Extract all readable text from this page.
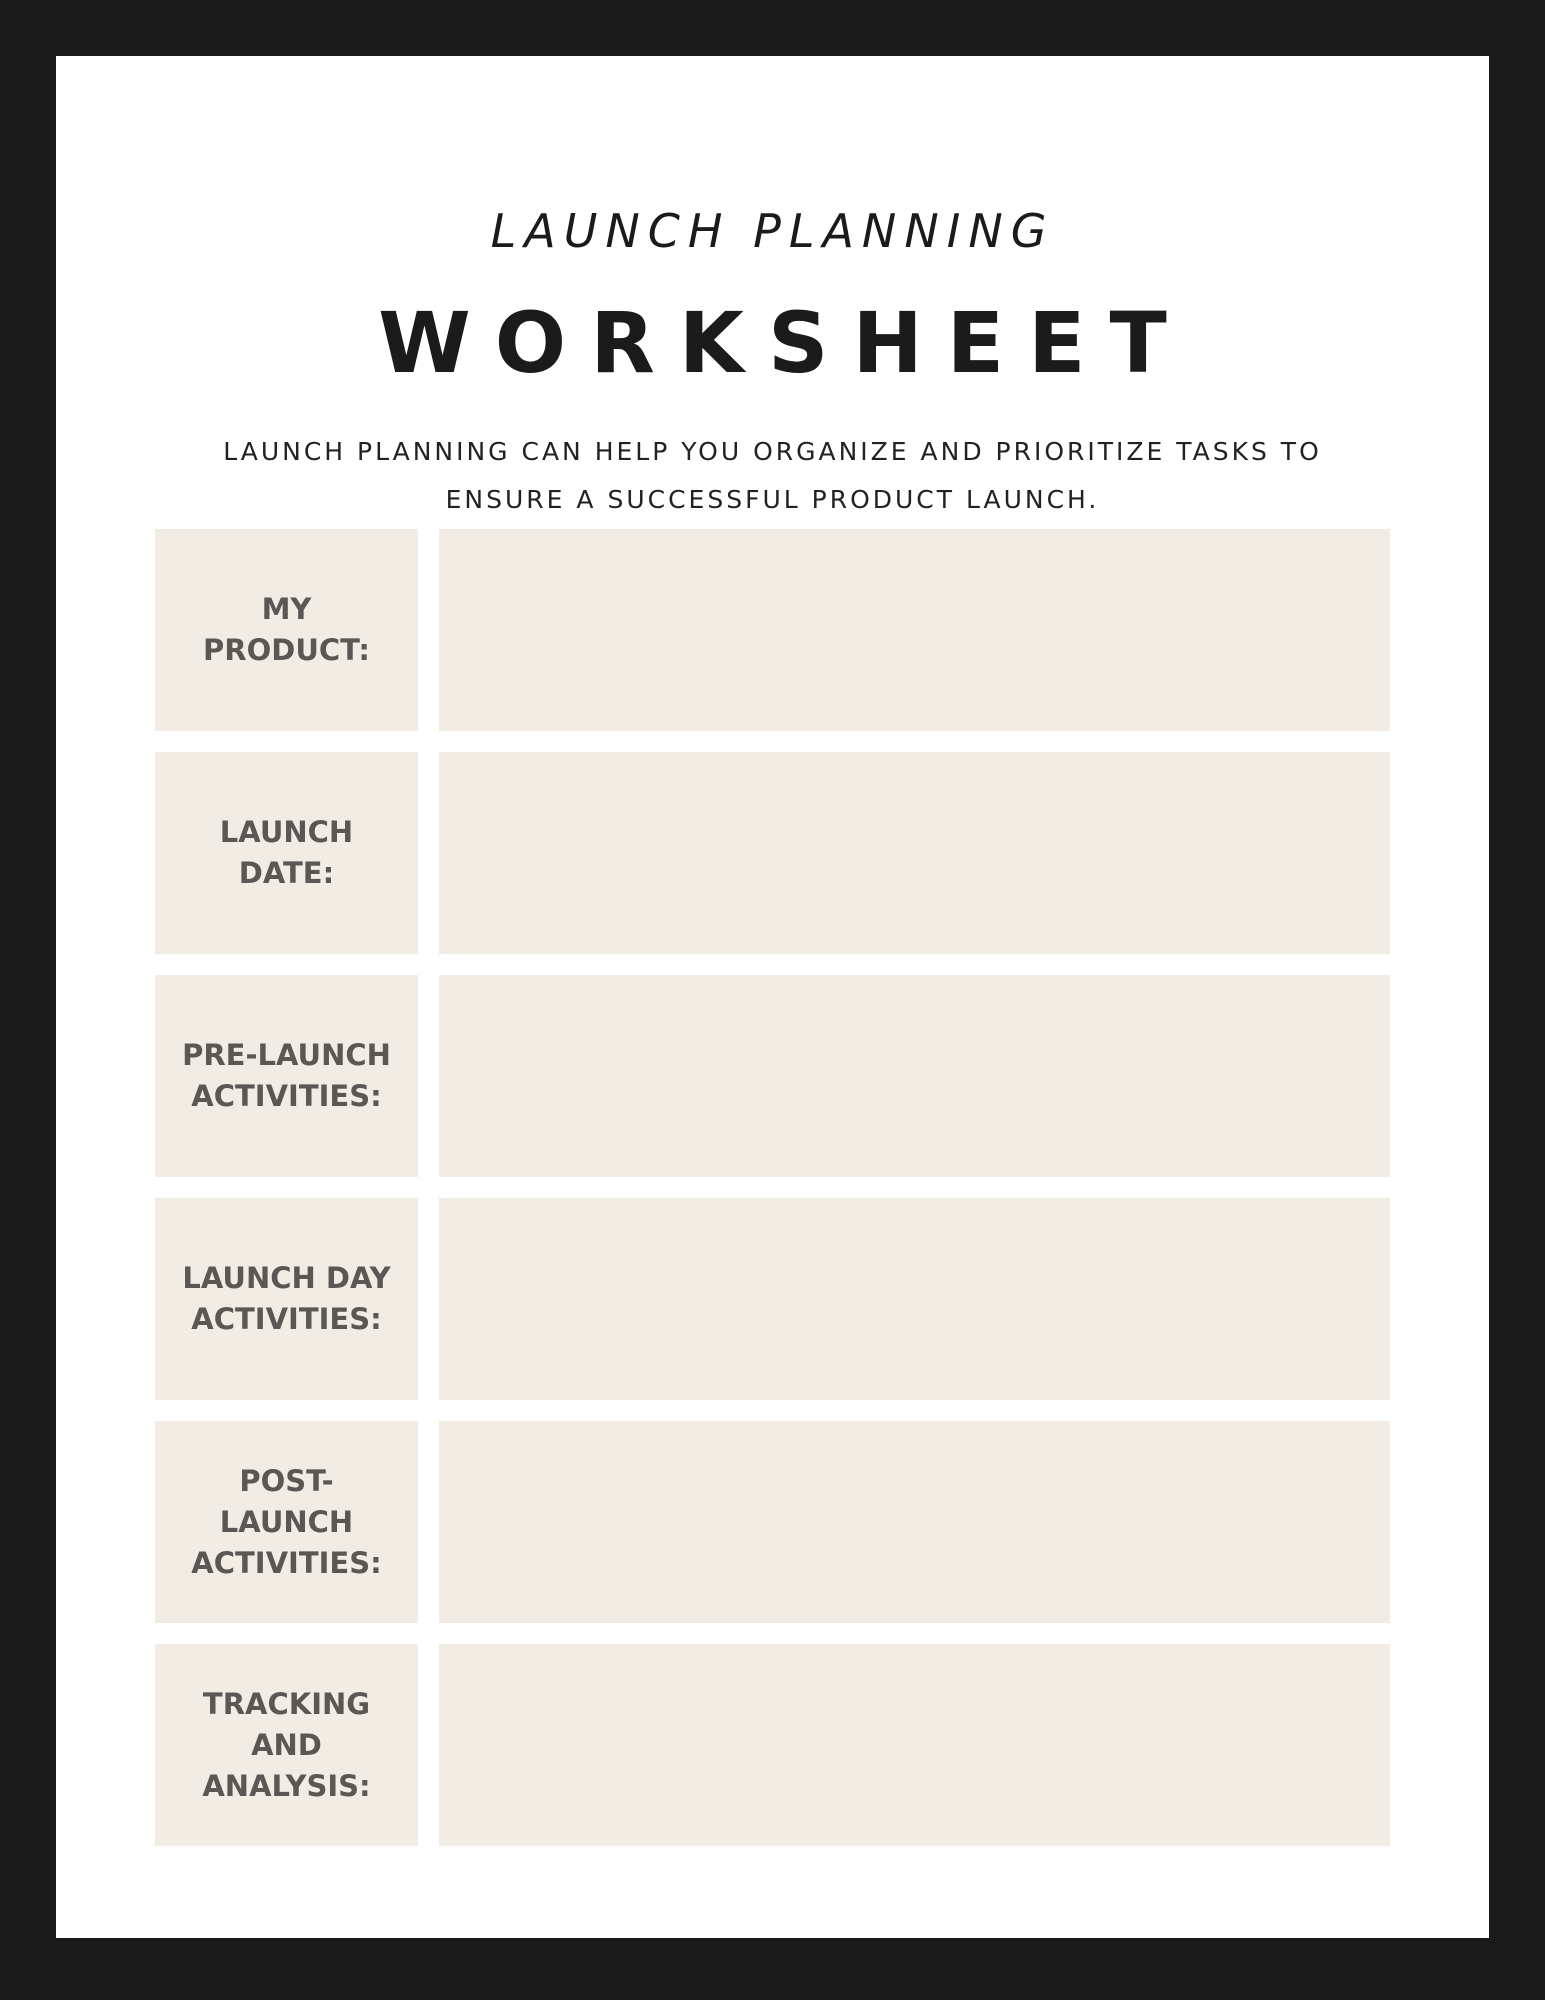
LAUNCH PLANNING
WORKSHEET
LAUNCH PLANNING CAN HELP YOU ORGANIZE AND PRIORITIZE TASKS TO ENSURE A SUCCESSFUL PRODUCT LAUNCH.
MY
PRODUCT:
LAUNCH
DATE:
PRE-LAUNCH
ACTIVITIES:
LAUNCH DAY
ACTIVITIES:
POST-
LAUNCH
ACTIVITIES:
TRACKING
AND
ANALYSIS:
